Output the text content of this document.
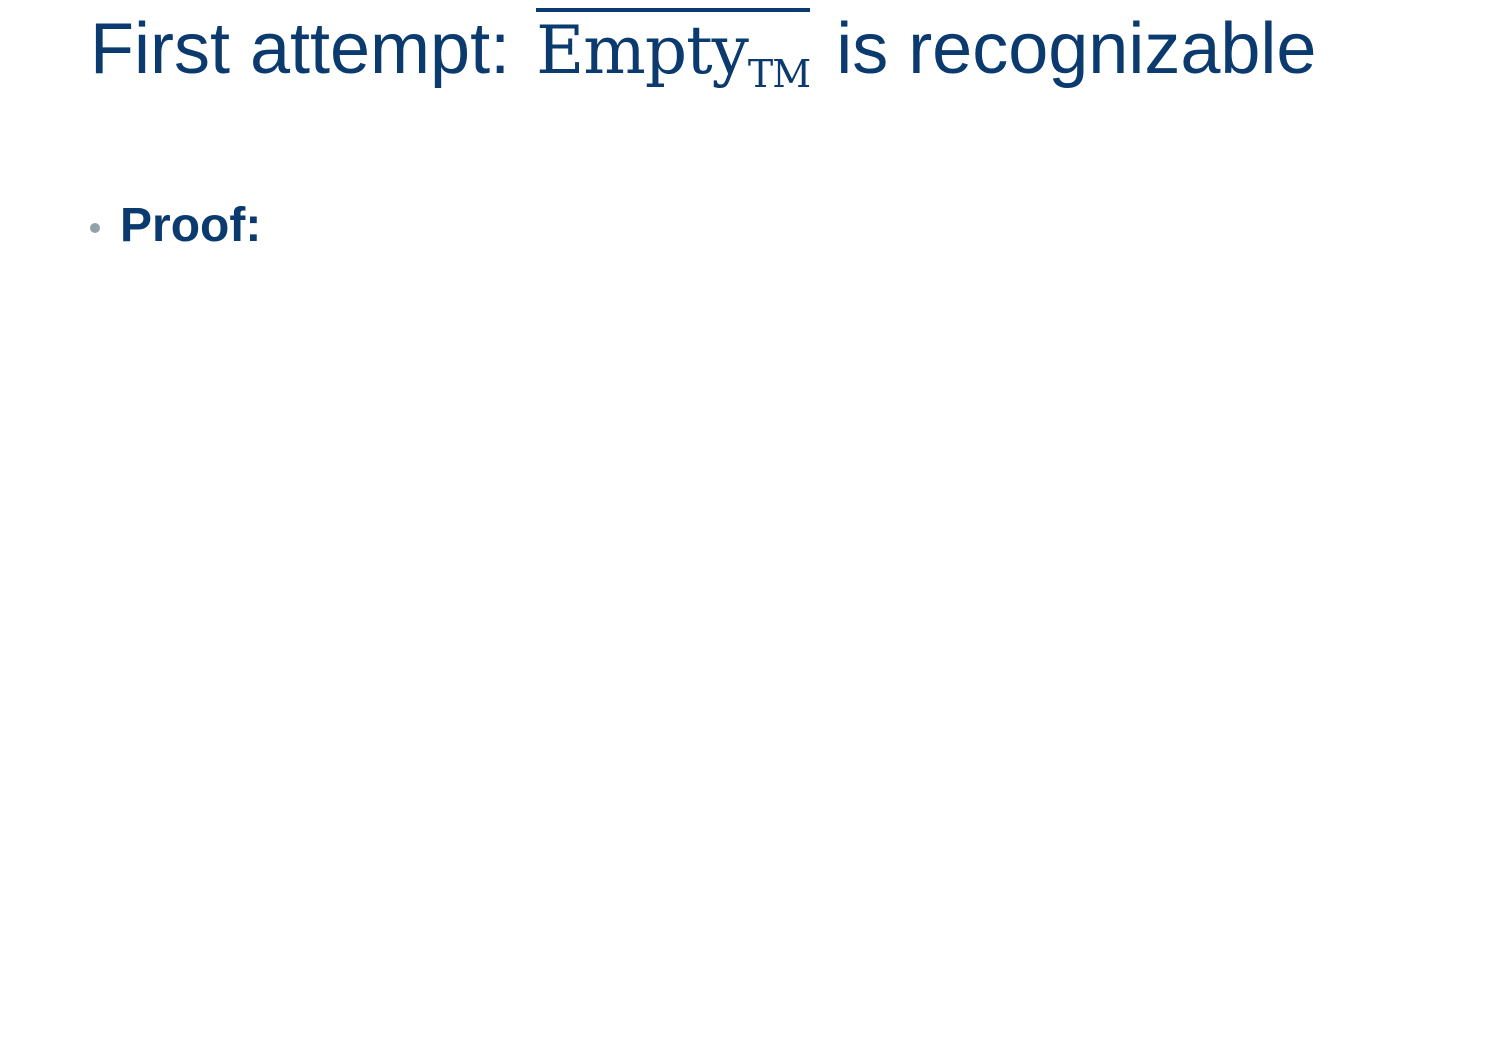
First attempt: Empty$_{TM}$ is recognizable
Proof:
